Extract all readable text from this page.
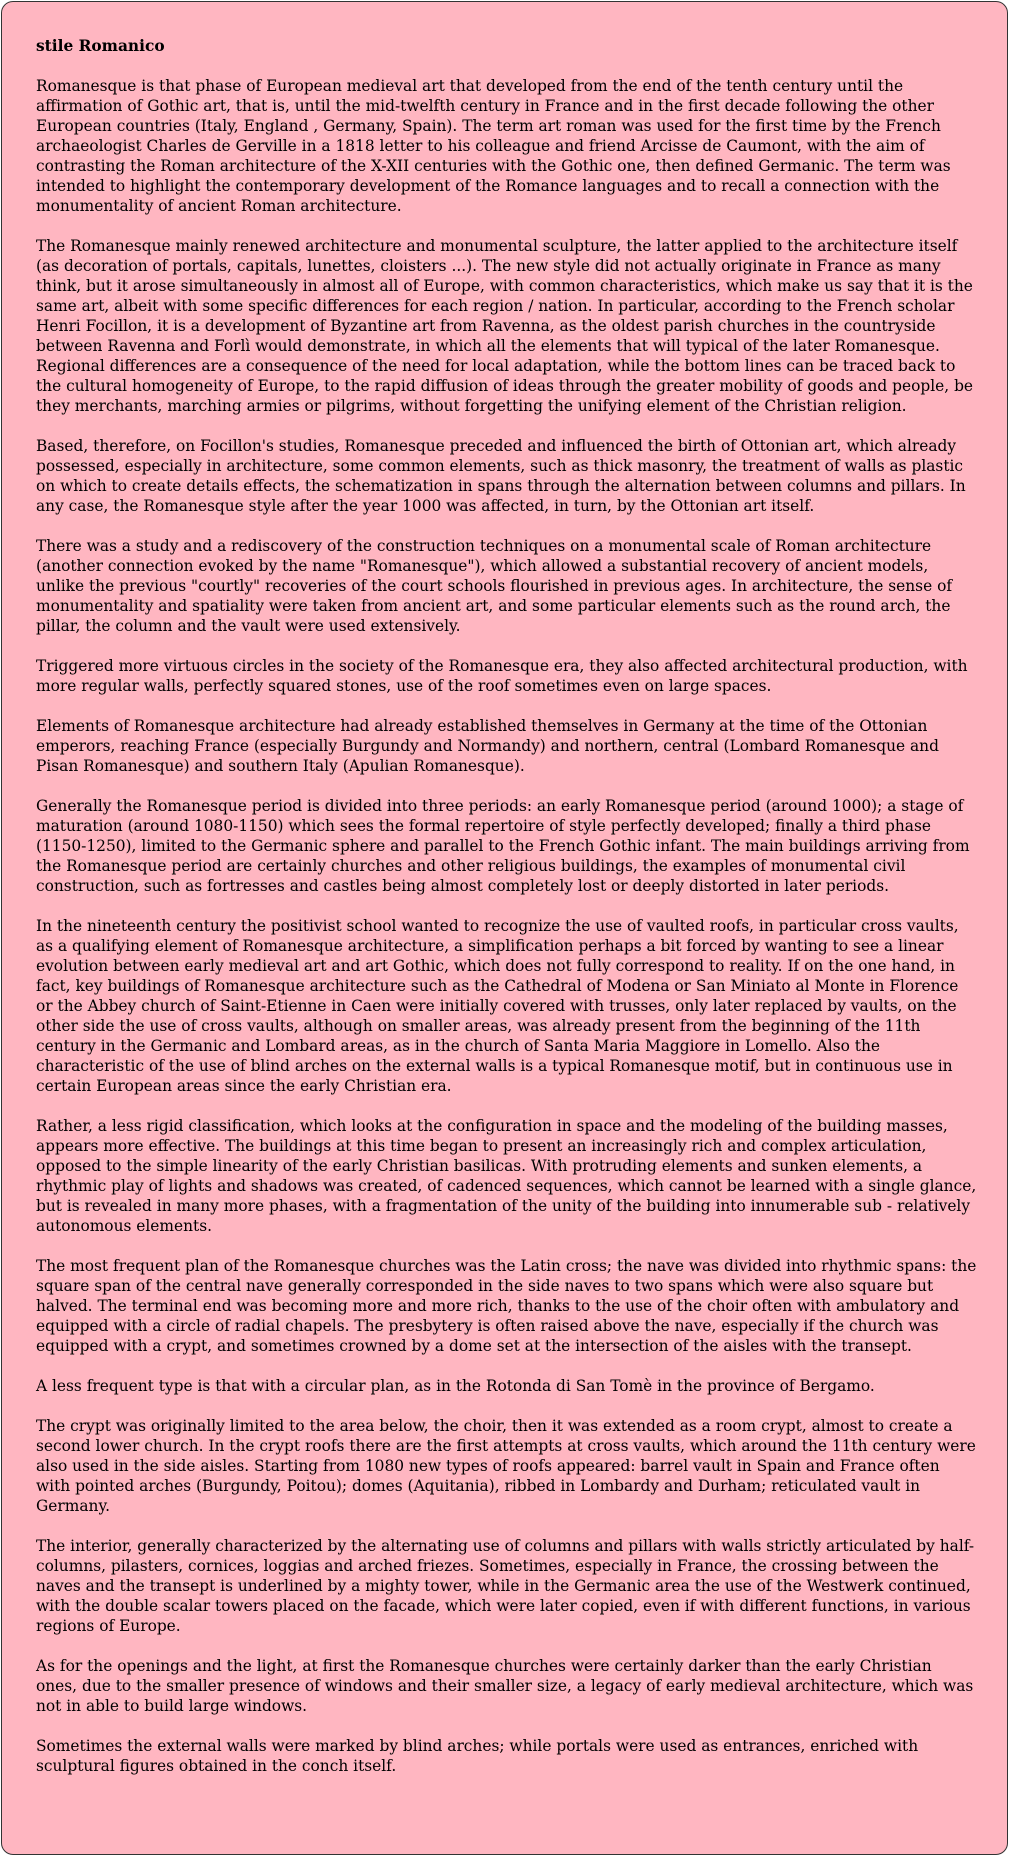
stile Romanico

Romanesque is that phase of European medieval art that developed from the end of the tenth century until the affirmation of Gothic art, that is, until the mid-twelfth century in France and in the first decade following the other European countries (Italy, England , Germany, Spain). The term art roman was used for the first time by the French archaeologist Charles de Gerville in a 1818 letter to his colleague and friend Arcisse de Caumont, with the aim of contrasting the Roman architecture of the X-XII centuries with the Gothic one, then defined Germanic. The term was intended to highlight the contemporary development of the Romance languages and to recall a connection with the monumentality of ancient Roman architecture.

The Romanesque mainly renewed architecture and monumental sculpture, the latter applied to the architecture itself (as decoration of portals, capitals, lunettes, cloisters ...). The new style did not actually originate in France as many think, but it arose simultaneously in almost all of Europe, with common characteristics, which make us say that it is the same art, albeit with some specific differences for each region / nation. In particular, according to the French scholar Henri Focillon, it is a development of Byzantine art from Ravenna, as the oldest parish churches in the countryside between Ravenna and Forlì would demonstrate, in which all the elements that will typical of the later Romanesque. Regional differences are a consequence of the need for local adaptation, while the bottom lines can be traced back to the cultural homogeneity of Europe, to the rapid diffusion of ideas through the greater mobility of goods and people, be they merchants, marching armies or pilgrims, without forgetting the unifying element of the Christian religion.

Based, therefore, on Focillon's studies, Romanesque preceded and influenced the birth of Ottonian art, which already possessed, especially in architecture, some common elements, such as thick masonry, the treatment of walls as plastic on which to create details effects, the schematization in spans through the alternation between columns and pillars. In any case, the Romanesque style after the year 1000 was affected, in turn, by the Ottonian art itself.

There was a study and a rediscovery of the construction techniques on a monumental scale of Roman architecture (another connection evoked by the name "Romanesque"), which allowed a substantial recovery of ancient models, unlike the previous "courtly" recoveries of the court schools flourished in previous ages. In architecture, the sense of monumentality and spatiality were taken from ancient art, and some particular elements such as the round arch, the pillar, the column and the vault were used extensively.

Triggered more virtuous circles in the society of the Romanesque era, they also affected architectural production, with more regular walls, perfectly squared stones, use of the roof sometimes even on large spaces.

Elements of Romanesque architecture had already established themselves in Germany at the time of the Ottonian emperors, reaching France (especially Burgundy and Normandy) and northern, central (Lombard Romanesque and Pisan Romanesque) and southern Italy (Apulian Romanesque).

Generally the Romanesque period is divided into three periods: an early Romanesque period (around 1000); a stage of maturation (around 1080-1150) which sees the formal repertoire of style perfectly developed; finally a third phase (1150-1250), limited to the Germanic sphere and parallel to the French Gothic infant. The main buildings arriving from the Romanesque period are certainly churches and other religious buildings, the examples of monumental civil construction, such as fortresses and castles being almost completely lost or deeply distorted in later periods.

In the nineteenth century the positivist school wanted to recognize the use of vaulted roofs, in particular cross vaults, as a qualifying element of Romanesque architecture, a simplification perhaps a bit forced by wanting to see a linear evolution between early medieval art and art Gothic, which does not fully correspond to reality. If on the one hand, in fact, key buildings of Romanesque architecture such as the Cathedral of Modena or San Miniato al Monte in Florence or the Abbey church of Saint-Etienne in Caen were initially covered with trusses, only later replaced by vaults, on the other side the use of cross vaults, although on smaller areas, was already present from the beginning of the 11th century in the Germanic and Lombard areas, as in the church of Santa Maria Maggiore in Lomello. Also the characteristic of the use of blind arches on the external walls is a typical Romanesque motif, but in continuous use in certain European areas since the early Christian era.

Rather, a less rigid classification, which looks at the configuration in space and the modeling of the building masses, appears more effective. The buildings at this time began to present an increasingly rich and complex articulation, opposed to the simple linearity of the early Christian basilicas. With protruding elements and sunken elements, a rhythmic play of lights and shadows was created, of cadenced sequences, which cannot be learned with a single glance, but is revealed in many more phases, with a fragmentation of the unity of the building into innumerable sub - relatively autonomous elements.

The most frequent plan of the Romanesque churches was the Latin cross; the nave was divided into rhythmic spans: the square span of the central nave generally corresponded in the side naves to two spans which were also square but halved. The terminal end was becoming more and more rich, thanks to the use of the choir often with ambulatory and equipped with a circle of radial chapels. The presbytery is often raised above the nave, especially if the church was equipped with a crypt, and sometimes crowned by a dome set at the intersection of the aisles with the transept.

A less frequent type is that with a circular plan, as in the Rotonda di San Tomè in the province of Bergamo.

The crypt was originally limited to the area below, the choir, then it was extended as a room crypt, almost to create a second lower church. In the crypt roofs there are the first attempts at cross vaults, which around the 11th century were also used in the side aisles. Starting from 1080 new types of roofs appeared: barrel vault in Spain and France often with pointed arches (Burgundy, Poitou); domes (Aquitania), ribbed in Lombardy and Durham; reticulated vault in Germany.

The interior, generally characterized by the alternating use of columns and pillars with walls strictly articulated by half-columns, pilasters, cornices, loggias and arched friezes. Sometimes, especially in France, the crossing between the naves and the transept is underlined by a mighty tower, while in the Germanic area the use of the Westwerk continued, with the double scalar towers placed on the facade, which were later copied, even if with different functions, in various regions of Europe.

As for the openings and the light, at first the Romanesque churches were certainly darker than the early Christian ones, due to the smaller presence of windows and their smaller size, a legacy of early medieval architecture, which was not in able to build large windows.

Sometimes the external walls were marked by blind arches; while portals were used as entrances, enriched with sculptural figures obtained in the conch itself.
